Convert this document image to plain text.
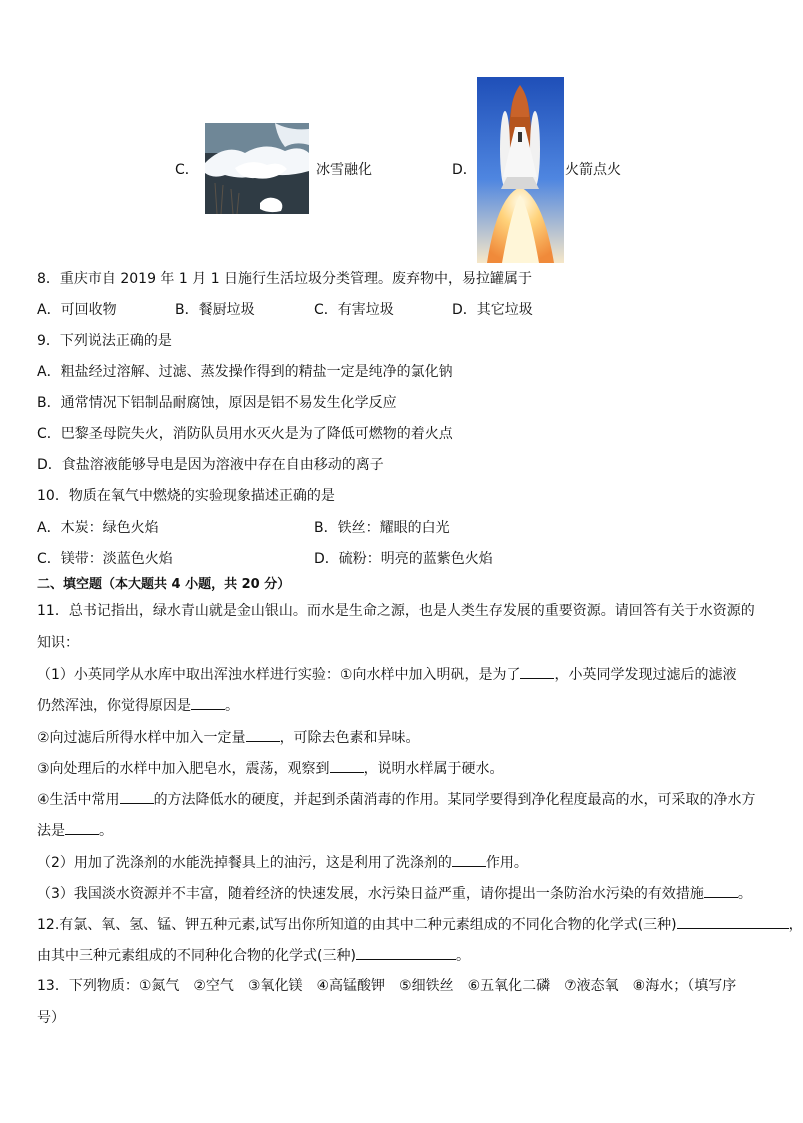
C．	冰雪融化	D．	火箭点火
8．重庆市自 2019 年 1 月 1 日施行生活垃圾分类管理。废弃物中，易拉罐属于
A．可回收物	B．餐厨垃圾	C．有害垃圾	D．其它垃圾
9．下列说法正确的是
A．粗盐经过溶解、过滤、蒸发操作得到的精盐一定是纯净的氯化钠
B．通常情况下铝制品耐腐蚀，原因是铝不易发生化学反应
C．巴黎圣母院失火，消防队员用水灭火是为了降低可燃物的着火点
D．食盐溶液能够导电是因为溶液中存在自由移动的离子
10．物质在氧气中燃烧的实验现象描述正确的是
A．木炭：绿色火焰	B．铁丝：耀眼的白光
C．镁带：淡蓝色火焰	D．硫粉：明亮的蓝紫色火焰
二、填空题（本大题共 4 小题，共 20 分）
11．总书记指出，绿水青山就是金山银山。而水是生命之源，也是人类生存发展的重要资源。请回答有关于水资源的
知识：
（1）小英同学从水库中取出浑浊水样进行实验：①向水样中加入明矾，是为了 ，小英同学发现过滤后的滤液
仍然浑浊，你觉得原因是 。
②向过滤后所得水样中加入一定量 ，可除去色素和异味。
③向处理后的水样中加入肥皂水，震荡，观察到 ，说明水样属于硬水。
④生活中常用 的方法降低水的硬度，并起到杀菌消毒的作用。某同学要得到净化程度最高的水，可采取的净水方
法是 。
（2）用加了洗涤剂的水能洗掉餐具上的油污，这是利用了洗涤剂的 作用。
（3）我国淡水资源并不丰富，随着经济的快速发展，水污染日益严重，请你提出一条防治水污染的有效措施 。
12.有氯、氧、氢、锰、钾五种元素,试写出你所知道的由其中二种元素组成的不同化合物的化学式(三种)	，
由其中三种元素组成的不同种化合物的化学式(三种)	。
13．下列物质：①氮气　②空气　③氧化镁　④高锰酸钾　⑤细铁丝　⑥五氧化二磷　⑦液态氧　⑧海水；（填写序
号）
